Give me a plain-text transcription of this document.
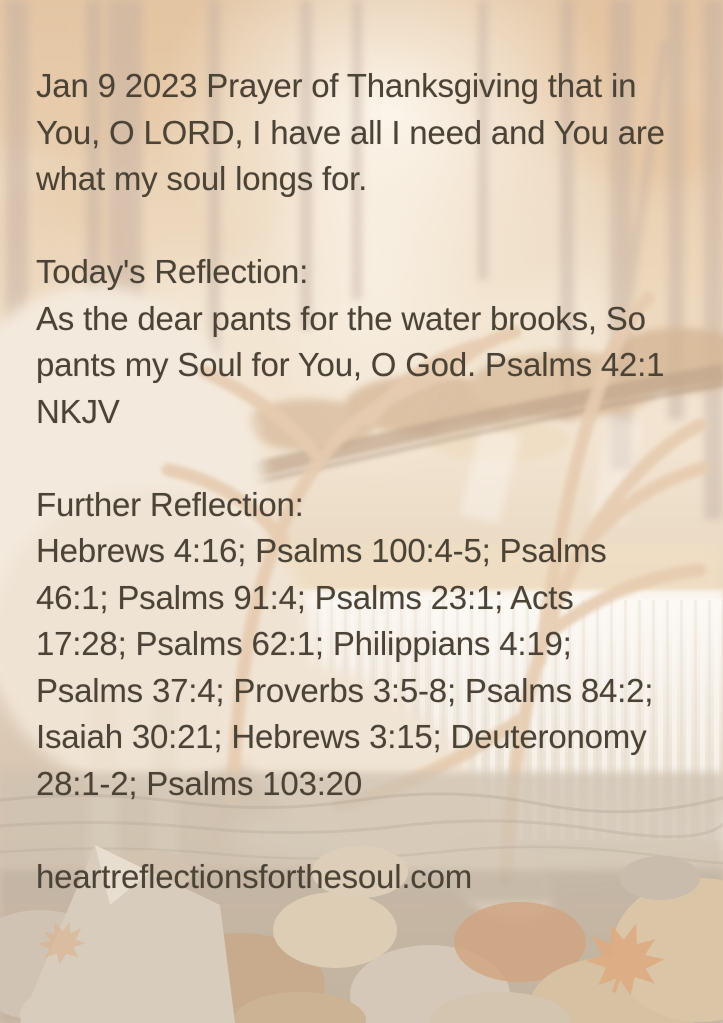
Jan 9 2023 Prayer of Thanksgiving that in
You, O LORD, I have all I need and You are
what my soul longs for.
Today's Reflection:
As the dear pants for the water brooks, So
pants my Soul for You, O God. Psalms 42:1
NKJV
Further Reflection:
Hebrews 4:16; Psalms 100:4-5; Psalms
46:1; Psalms 91:4; Psalms 23:1; Acts
17:28; Psalms 62:1; Philippians 4:19;
Psalms 37:4; Proverbs 3:5-8; Psalms 84:2;
Isaiah 30:21; Hebrews 3:15; Deuteronomy
28:1-2; Psalms 103:20
heartreflectionsforthesoul.com
